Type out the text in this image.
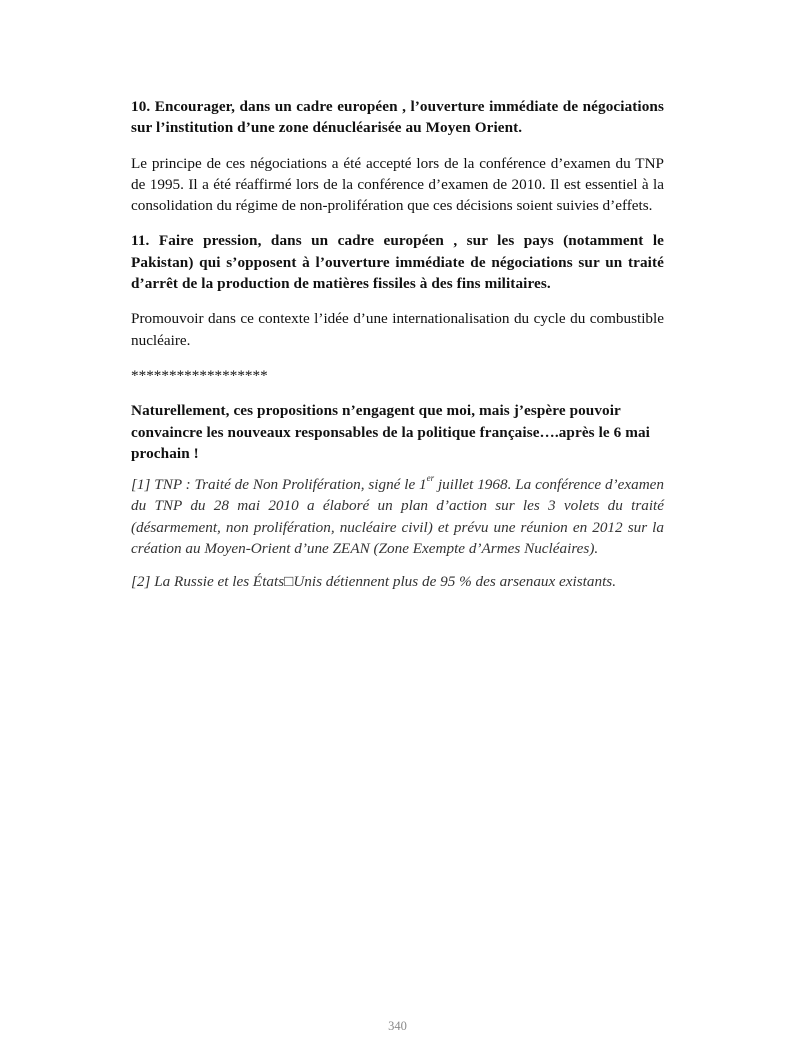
10. Encourager, dans un cadre européen , l’ouverture immédiate de négociations sur l’institution d’une zone dénucléarisée au Moyen Orient.

Le principe de ces négociations a été accepté lors de la conférence d’examen du TNP de 1995. Il a été réaffirmé lors de la conférence d’examen de 2010. Il est essentiel à la consolidation du régime de non-prolifération que ces décisions soient suivies d’effets.

11. Faire pression, dans un cadre européen , sur les pays (notamment le Pakistan) qui s’opposent à l’ouverture immédiate de négociations sur un traité d’arrêt de la production de matières fissiles à des fins militaires.

Promouvoir dans ce contexte l’idée d’une internationalisation du cycle du combustible nucléaire.

******************

Naturellement, ces propositions n’engagent que moi, mais j’espère pouvoir convaincre les nouveaux responsables de la politique française….après le 6 mai prochain !

[1] TNP : Traité de Non Prolifération, signé le 1er juillet 1968. La conférence d’examen du TNP du 28 mai 2010 a élaboré un plan d’action sur les 3 volets du traité (désarmement, non prolifération, nucléaire civil) et prévu une réunion en 2012 sur la création au Moyen-Orient d’une ZEAN (Zone Exempte d’Armes Nucléaires).

[2] La Russie et les États□Unis détiennent plus de 95 % des arsenaux existants.

340
